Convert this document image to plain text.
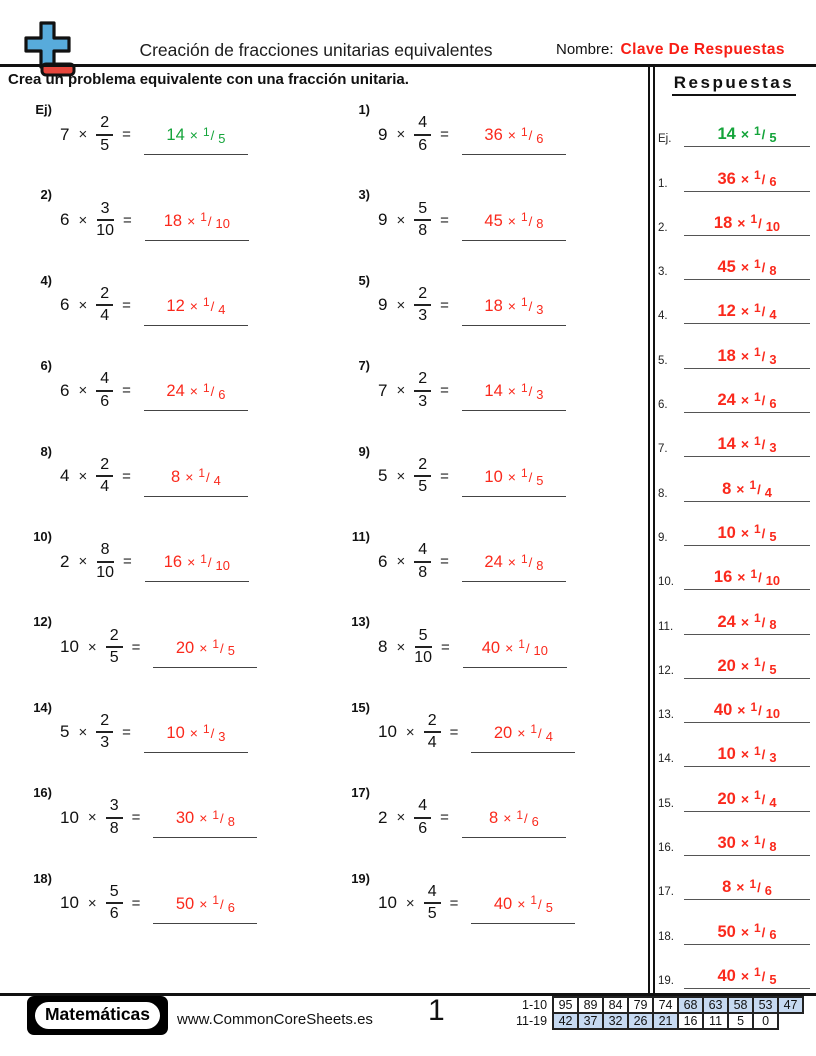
Creación de fracciones unitarias equivalentes	Nombre: Clave De Respuestas
Crea un problema equivalente con una fracción unitaria.
Ej)
$7 \times \frac{2}{5}$ =	14 × $^1$/ 5
1)
$9 \times \frac{4}{6}$ =	36 × $^1$/ 6
2)
$6 \times \frac{3}{10}$ =	18 × $^1$/ 10
3)
$9 \times \frac{5}{8}$ =	45 × $^1$/ 8
4)
$6 \times \frac{2}{4}$ =	12 × $^1$/ 4
5)
$9 \times \frac{2}{3}$ =	18 × $^1$/ 3
6)
$6 \times \frac{4}{6}$ =	24 × $^1$/ 6
7)
$7 \times \frac{2}{3}$ =	14 × $^1$/ 3
8)
$4 \times \frac{2}{4}$ =	8 × $^1$/ 4
9)
$5 \times \frac{2}{5}$ =	10 × $^1$/ 5
10)
$2 \times \frac{8}{10}$ =	16 × $^1$/ 10
11)
$6 \times \frac{4}{8}$ =	24 × $^1$/ 8
12)
$10 \times \frac{2}{5}$ =	20 × $^1$/ 5
13)
$8 \times \frac{5}{10}$ =	40 × $^1$/ 10
14)
$5 \times \frac{2}{3}$ =	10 × $^1$/ 3
15)
$10 \times \frac{2}{4}$ =	20 × $^1$/ 4
16)
$10 \times \frac{3}{8}$ =	30 × $^1$/ 8
17)
$2 \times \frac{4}{6}$ =	8 × $^1$/ 6
18)
$10 \times \frac{5}{6}$ =	50 × $^1$/ 6
19)
$10 \times \frac{4}{5}$ =	40 × $^1$/ 5
Respuestas
Ej.	14 × $^1$/ 5
1.	36 × $^1$/ 6
2.	18 × $^1$/ 10
3.	45 × $^1$/ 8
4.	12 × $^1$/ 4
5.	18 × $^1$/ 3
6.	24 × $^1$/ 6
7.	14 × $^1$/ 3
8.	8 × $^1$/ 4
9.	10 × $^1$/ 5
10.	16 × $^1$/ 10
11.	24 × $^1$/ 8
12.	20 × $^1$/ 5
13.	40 × $^1$/ 10
14.	10 × $^1$/ 3
15.	20 × $^1$/ 4
16.	30 × $^1$/ 8
17.	8 × $^1$/ 6
18.	50 × $^1$/ 6
19.	40 × $^1$/ 5
Matemáticas	www.CommonCoreSheets.es 1	1-10	95	89	84	79	74	68	63	58	53	47
11-19	42	37	32	26	21	16	11	5	0	
